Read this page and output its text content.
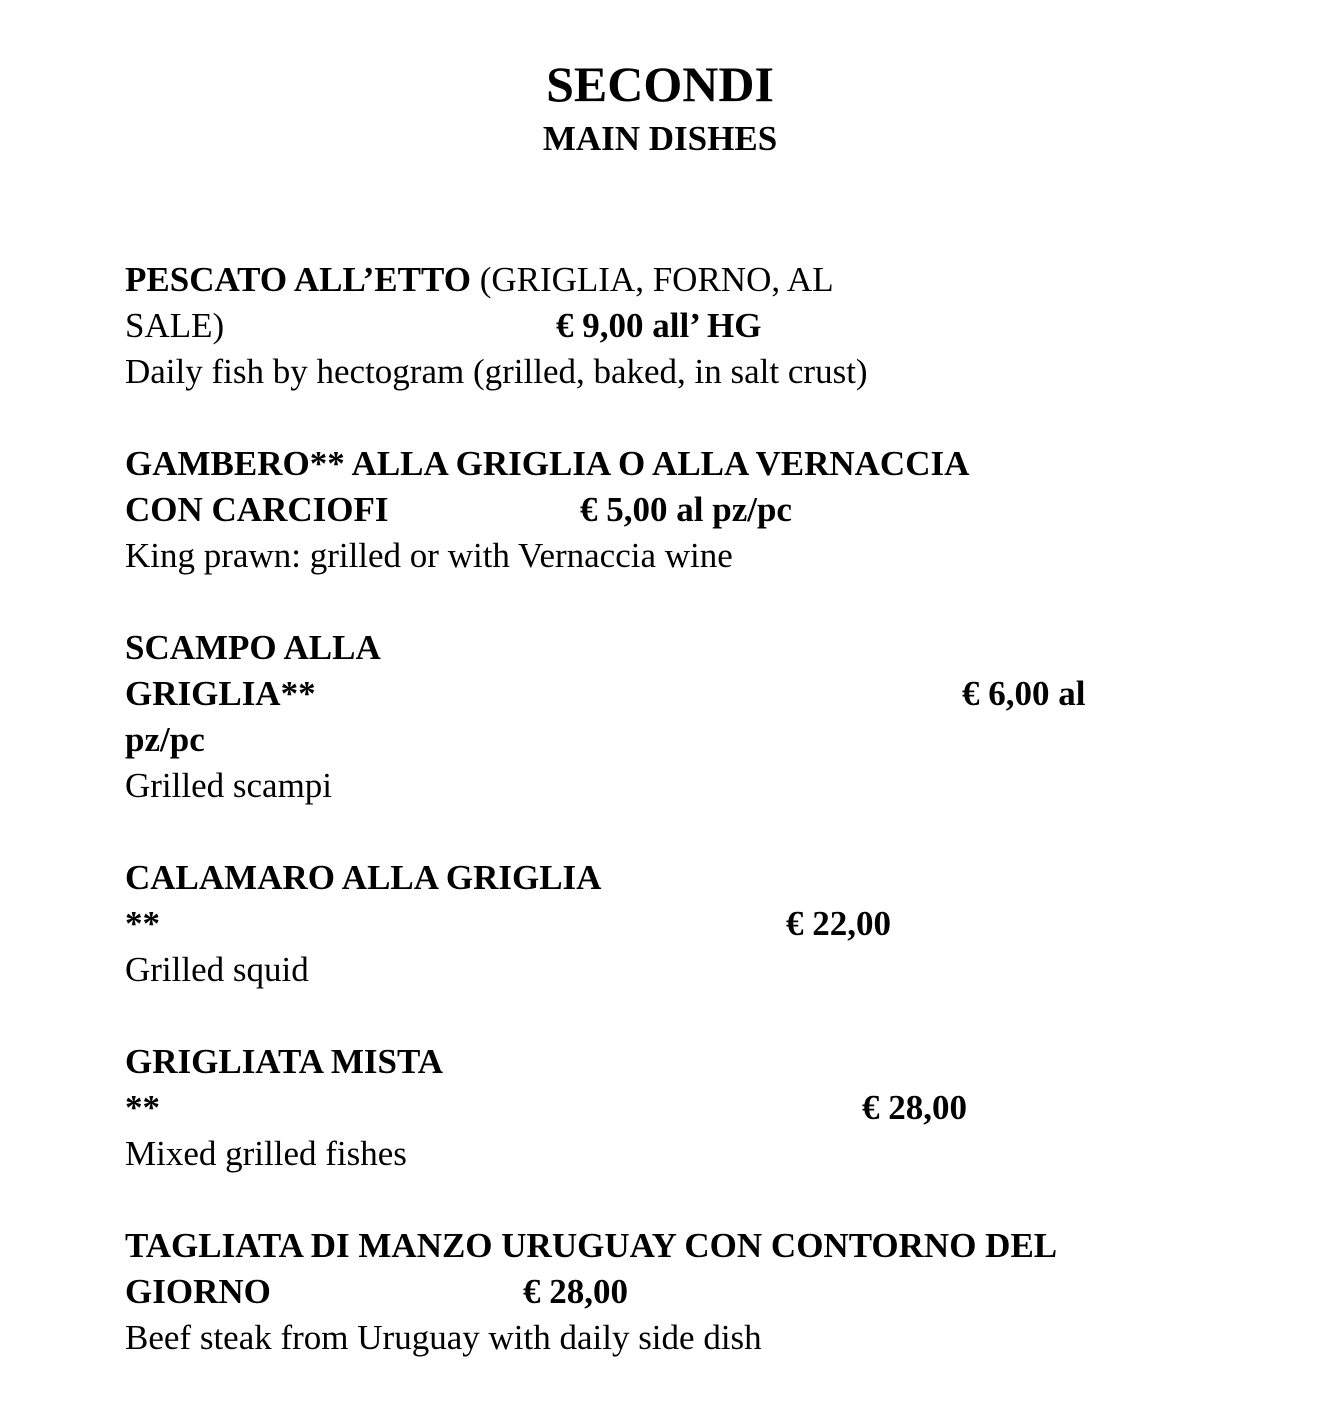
SECONDI
MAIN DISHES
PESCATO ALL’ETTO (GRIGLIA, FORNO, AL
SALE)	€ 9,00 all’ HG
Daily fish by hectogram (grilled, baked, in salt crust)
GAMBERO** ALLA GRIGLIA O ALLA VERNACCIA
CON CARCIOFI	€ 5,00 al pz/pc
King prawn: grilled or with Vernaccia wine
SCAMPO ALLA
GRIGLIA**	€ 6,00 al
pz/pc
Grilled scampi
CALAMARO ALLA GRIGLIA
**	€ 22,00
Grilled squid
GRIGLIATA MISTA
**	€ 28,00
Mixed grilled fishes
TAGLIATA DI MANZO URUGUAY CON CONTORNO DEL
GIORNO	€ 28,00
Beef steak from Uruguay with daily side dish
